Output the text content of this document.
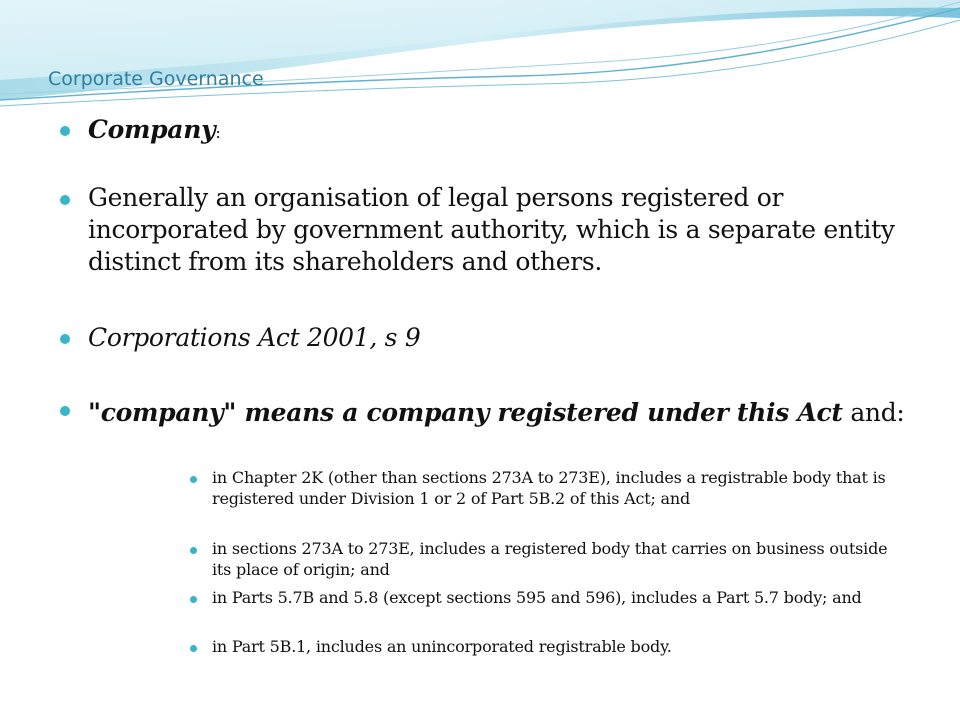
Corporate Governance
Company:
Generally an organisation of legal persons registered or incorporated by government authority, which is a separate entity distinct from its shareholders and others.
Corporations Act 2001, s 9
"company" means a company registered under this Act and:
in Chapter 2K (other than sections 273A to 273E), includes a registrable body that is registered under Division 1 or 2 of Part 5B.2 of this Act; and
in sections 273A to 273E, includes a registered body that carries on business outside its place of origin; and
in Parts 5.7B and 5.8 (except sections 595 and 596), includes a Part 5.7 body; and
in Part 5B.1, includes an unincorporated registrable body.
